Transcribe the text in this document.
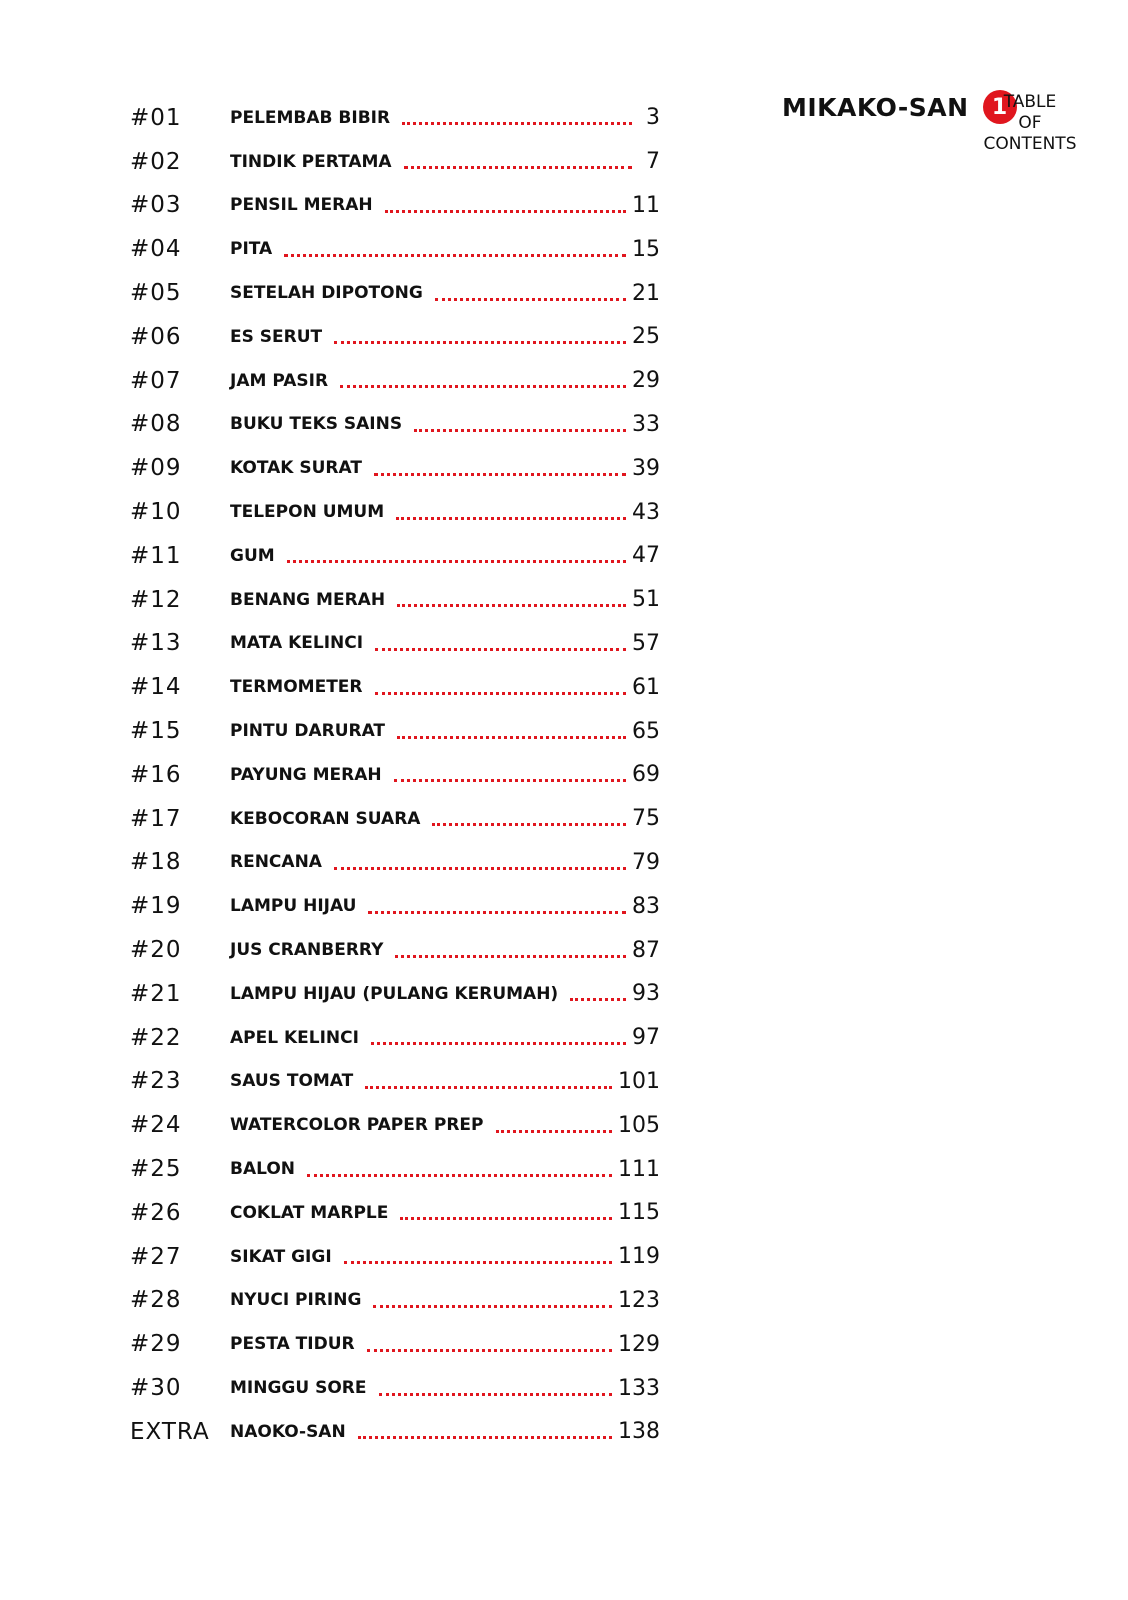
MIKAKO-SAN	1
TABLE
OF
CONTENTS
#01	PELEMBAB BIBIR	3
#02	TINDIK PERTAMA	7
#03	PENSIL MERAH	11
#04	PITA	15
#05	SETELAH DIPOTONG	21
#06	ES SERUT	25
#07	JAM PASIR	29
#08	BUKU TEKS SAINS	33
#09	KOTAK SURAT	39
#10	TELEPON UMUM	43
#11	GUM	47
#12	BENANG MERAH	51
#13	MATA KELINCI	57
#14	TERMOMETER	61
#15	PINTU DARURAT	65
#16	PAYUNG MERAH	69
#17	KEBOCORAN SUARA	75
#18	RENCANA	79
#19	LAMPU HIJAU	83
#20	JUS CRANBERRY	87
#21	LAMPU HIJAU (PULANG KERUMAH)	93
#22	APEL KELINCI	97
#23	SAUS TOMAT	101
#24	WATERCOLOR PAPER PREP	105
#25	BALON	111
#26	COKLAT MARPLE	115
#27	SIKAT GIGI	119
#28	NYUCI PIRING	123
#29	PESTA TIDUR	129
#30	MINGGU SORE	133
EXTRA	NAOKO-SAN	138
